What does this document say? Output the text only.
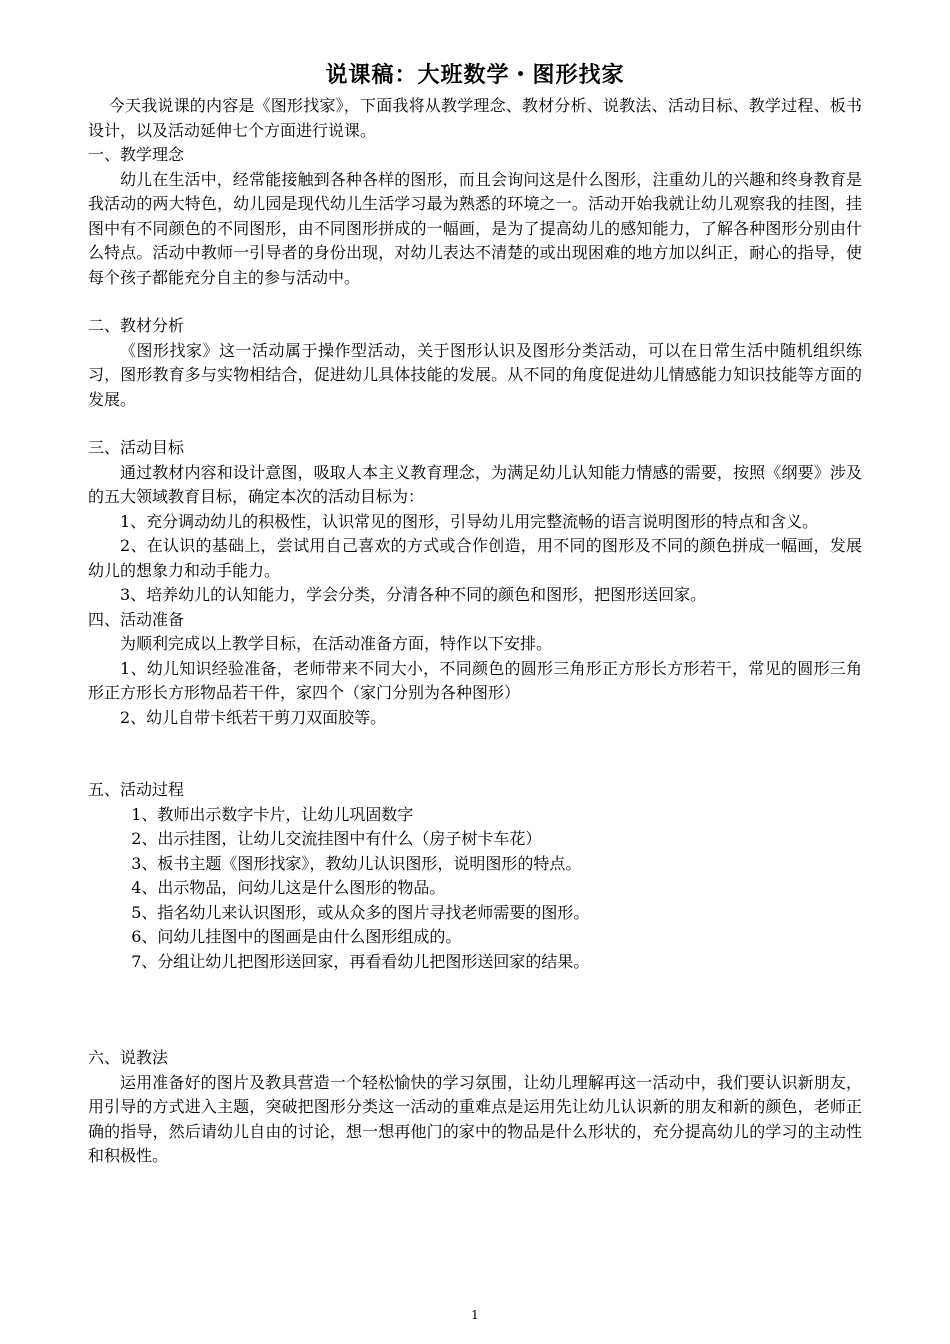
说课稿：大班数学・图形找家

今天我说课的内容是《图形找家》，下面我将从教学理念、教材分析、说教法、活动目标、教学过程、板书设计，以及活动延伸七个方面进行说课。

一、教学理念

幼儿在生活中，经常能接触到各种各样的图形，而且会询问这是什么图形，注重幼儿的兴趣和终身教育是我活动的两大特色，幼儿园是现代幼儿生活学习最为熟悉的环境之一。活动开始我就让幼儿观察我的挂图，挂图中有不同颜色的不同图形，由不同图形拼成的一幅画，是为了提高幼儿的感知能力，了解各种图形分别由什么特点。活动中教师一引导者的身份出现，对幼儿表达不清楚的或出现困难的地方加以纠正，耐心的指导，使每个孩子都能充分自主的参与活动中。

二、教材分析

《图形找家》这一活动属于操作型活动，关于图形认识及图形分类活动，可以在日常生活中随机组织练习，图形教育多与实物相结合，促进幼儿具体技能的发展。从不同的角度促进幼儿情感能力知识技能等方面的发展。

三、活动目标

通过教材内容和设计意图，吸取人本主义教育理念，为满足幼儿认知能力情感的需要，按照《纲要》涉及的五大领域教育目标，确定本次的活动目标为：

1、充分调动幼儿的积极性，认识常见的图形，引导幼儿用完整流畅的语言说明图形的特点和含义。

2、在认识的基础上，尝试用自己喜欢的方式或合作创造，用不同的图形及不同的颜色拼成一幅画，发展幼儿的想象力和动手能力。

3、培养幼儿的认知能力，学会分类，分清各种不同的颜色和图形，把图形送回家。

四、活动准备

为顺利完成以上教学目标，在活动准备方面，特作以下安排。

1、幼儿知识经验准备，老师带来不同大小，不同颜色的圆形三角形正方形长方形若干，常见的圆形三角形正方形长方形物品若干件，家四个（家门分别为各种图形）

2、幼儿自带卡纸若干剪刀双面胶等。

五、活动过程

1、教师出示数字卡片，让幼儿巩固数字
2、出示挂图，让幼儿交流挂图中有什么（房子树卡车花）
3、板书主题《图形找家》，教幼儿认识图形，说明图形的特点。
4、出示物品，问幼儿这是什么图形的物品。
5、指名幼儿来认识图形，或从众多的图片寻找老师需要的图形。
6、问幼儿挂图中的图画是由什么图形组成的。
7、分组让幼儿把图形送回家，再看看幼儿把图形送回家的结果。

六、说教法

运用准备好的图片及教具营造一个轻松愉快的学习氛围，让幼儿理解再这一活动中，我们要认识新朋友，用引导的方式进入主题，突破把图形分类这一活动的重难点是运用先让幼儿认识新的朋友和新的颜色，老师正确的指导，然后请幼儿自由的讨论，想一想再他门的家中的物品是什么形状的，充分提高幼儿的学习的主动性和积极性。

1
